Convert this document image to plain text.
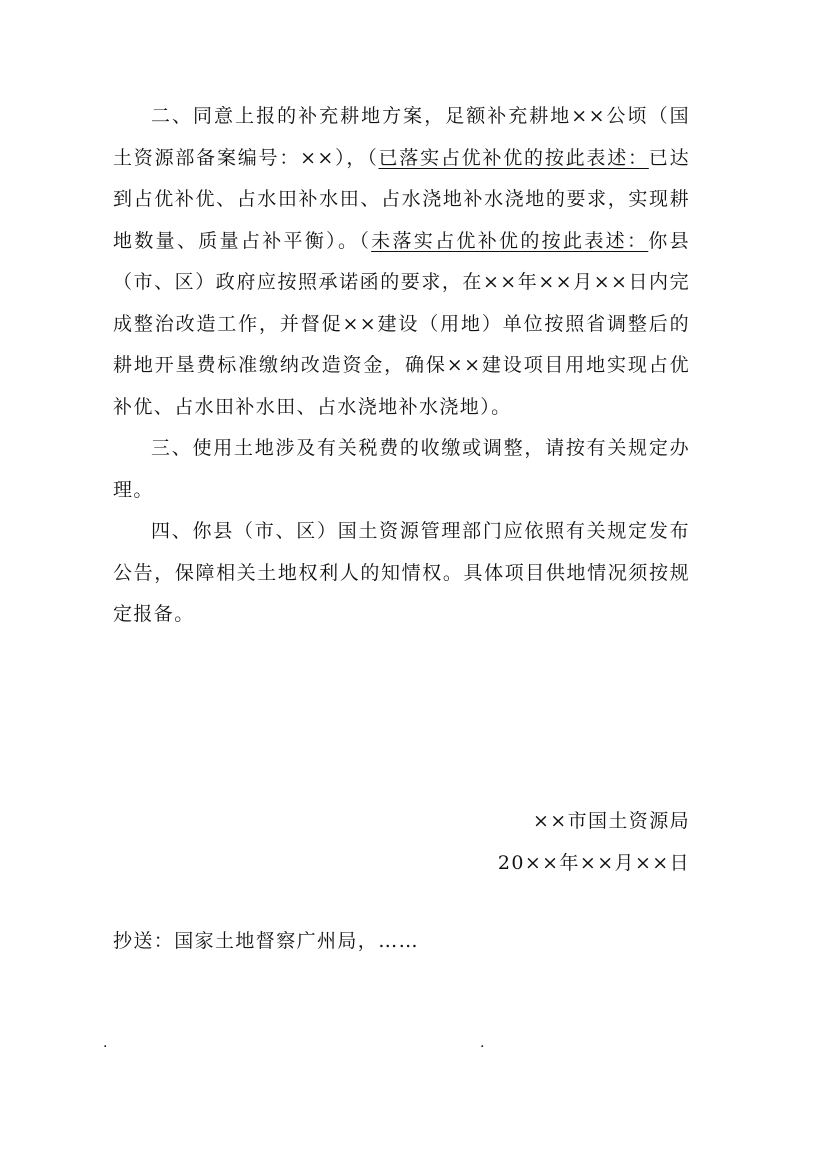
二、同意上报的补充耕地方案，足额补充耕地××公顷（国土资源部备案编号：××），（已落实占优补优的按此表述：已达到占优补优、占水田补水田、占水浇地补水浇地的要求，实现耕地数量、质量占补平衡）。（未落实占优补优的按此表述：你县（市、区）政府应按照承诺函的要求，在××年××月××日内完成整治改造工作，并督促××建设（用地）单位按照省调整后的耕地开垦费标准缴纳改造资金，确保××建设项目用地实现占优补优、占水田补水田、占水浇地补水浇地）。

三、使用土地涉及有关税费的收缴或调整，请按有关规定办理。

四、你县（市、区）国土资源管理部门应依照有关规定发布公告，保障相关土地权利人的知情权。具体项目供地情况须按规定报备。

××市国土资源局
20××年××月××日
抄送：国家土地督察广州局，……
.	.
